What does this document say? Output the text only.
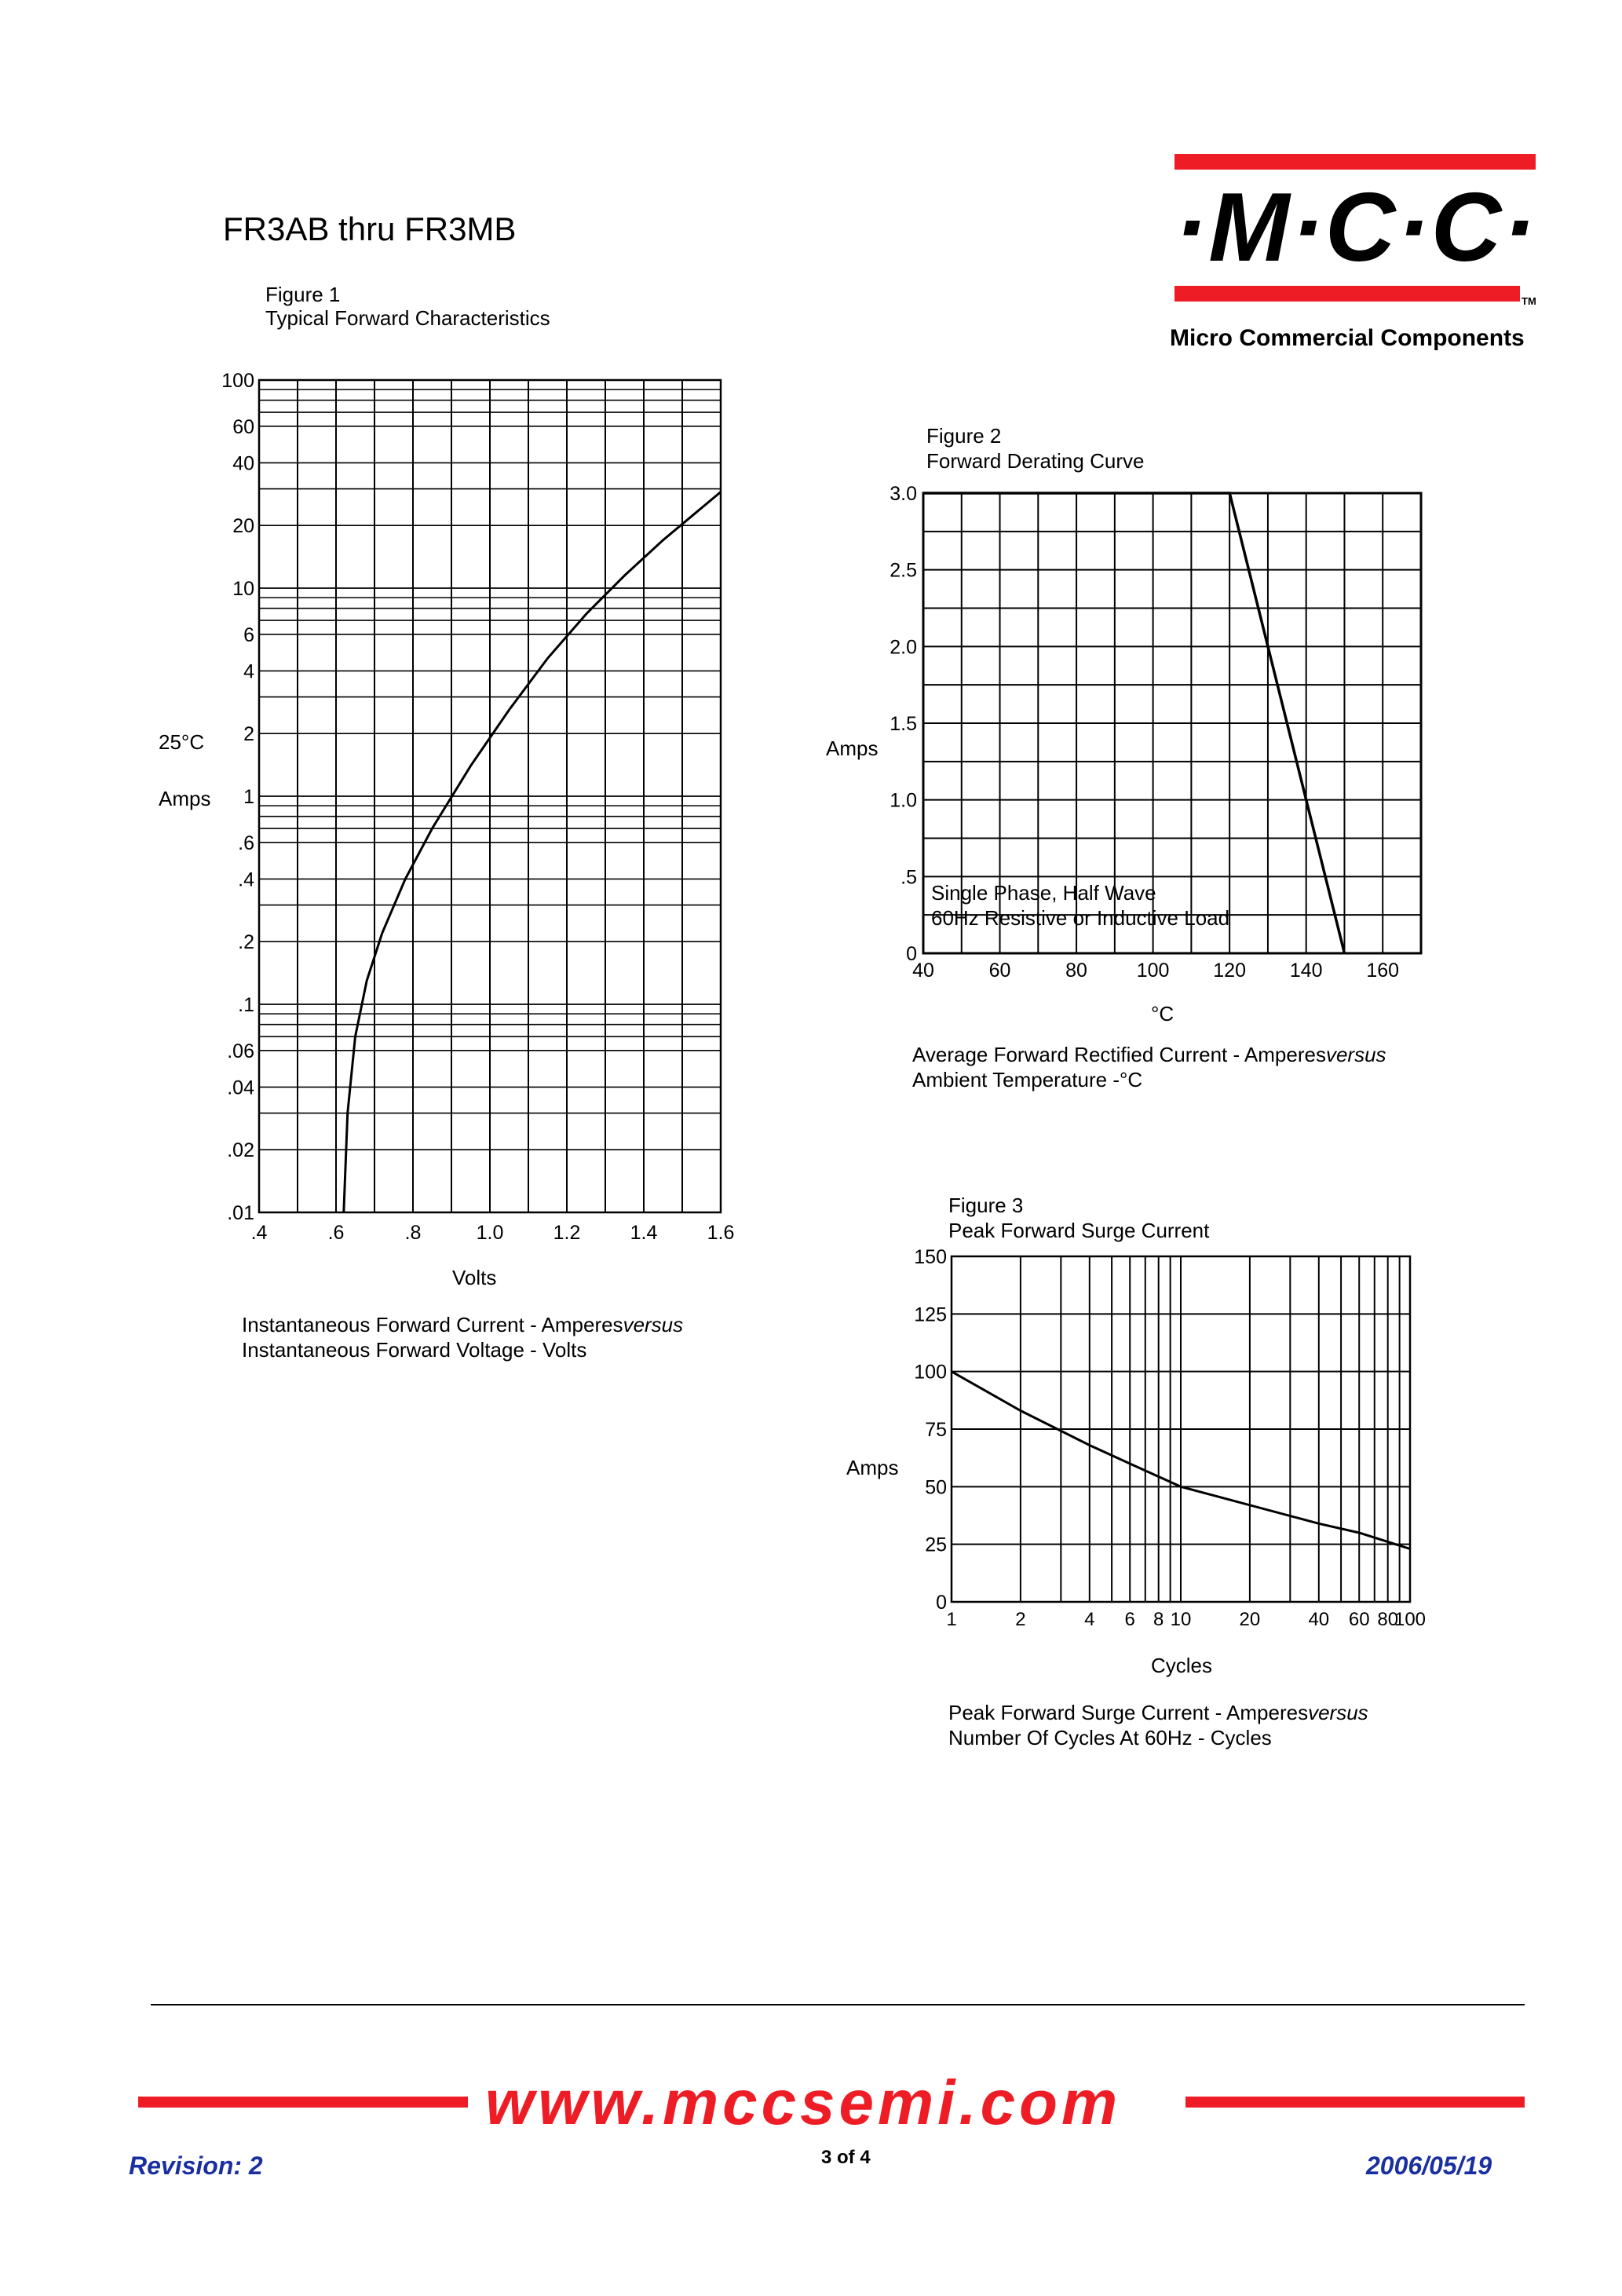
FR3AB thru FR3MB	·M·C·C·
TM
Micro Commercial Components
Figure 1
Typical Forward Characteristics
100
60
40
20
10
6
4
2
1
.6
.4
.2
.1
.06
.04
.02
.01
.4	.6	.8	1.0	1.2	1.4	1.6
25°C
Amps
Volts
Instantaneous Forward Current - Amperesversus
Instantaneous Forward Voltage - Volts
Figure 2
Forward Derating Curve
3.0
2.5
2.0
1.5
1.0
.5
0
40	60	80	100 120 140 160
Amps
Single Phase, Half Wave
60Hz Resistive or Inductive Load
°C
Average Forward Rectified Current - Amperesversus
Ambient Temperature -°C
Figure 3
Peak Forward Surge Current
150
125
100
75
50
25
0
1	2	4 6 8 10	20	40 60 80
100
Amps
Cycles
Peak Forward Surge Current - Amperesversus
Number Of Cycles At 60Hz - Cycles
www.mccsemi.com
Revision: 2	3 of 4	2006/05/19
